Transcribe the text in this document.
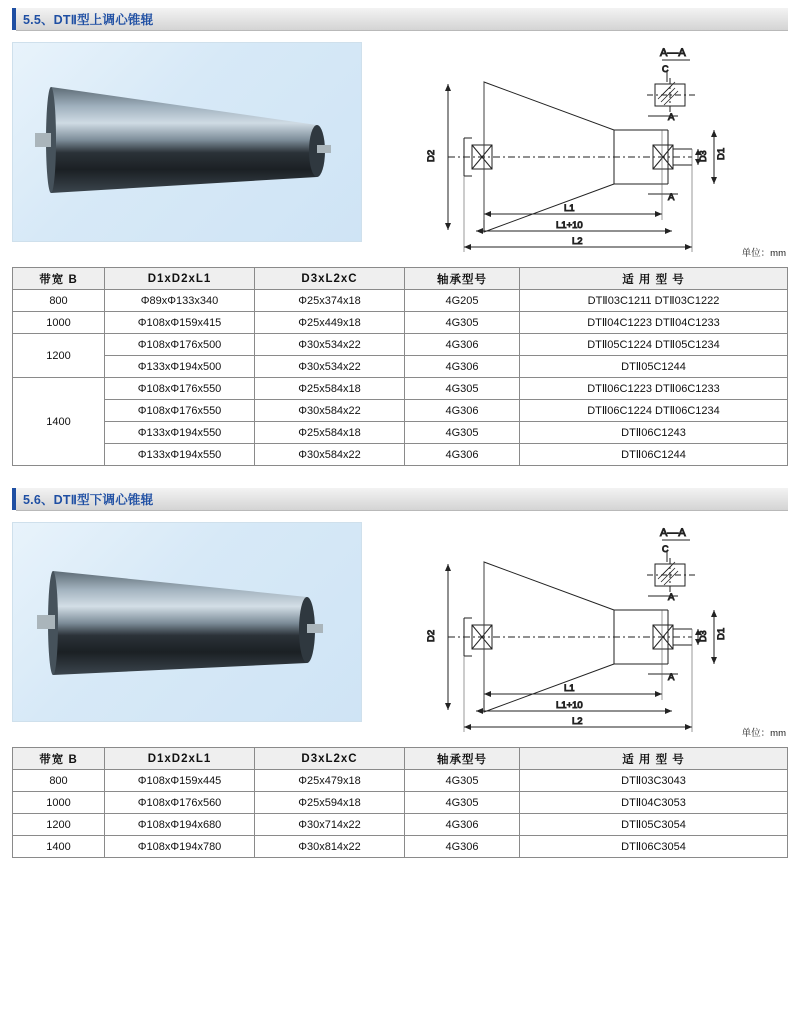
5.5、DTⅡ型上调心锥辊
A—A
C
D2	D1
D3
A
A
L1
L1+10
L2
单位：mm
带宽 B	D1xD2xL1	D3xL2xC	轴承型号	适 用 型 号
800	Φ89xΦ133x340	Φ25x374x18	4G205	DTⅡ03C1211 DTⅡ03C1222
1000	Φ108xΦ159x415	Φ25x449x18	4G305	DTⅡ04C1223 DTⅡ04C1233
1200	Φ108xΦ176x500	Φ30x534x22	4G306	DTⅡ05C1224 DTⅡ05C1234
	Φ133xΦ194x500	Φ30x534x22	4G306	DTⅡ05C1244
1400	Φ108xΦ176x550	Φ25x584x18	4G305	DTⅡ06C1223 DTⅡ06C1233
	Φ108xΦ176x550	Φ30x584x22	4G306	DTⅡ06C1224 DTⅡ06C1234
	Φ133xΦ194x550	Φ25x584x18	4G305	DTⅡ06C1243
	Φ133xΦ194x550	Φ30x584x22	4G306	DTⅡ06C1244
5.6、DTⅡ型下调心锥辊
A—A
C
D2	D1
D3
A
A
L1
L1+10
L2
单位：mm
带宽 B	D1xD2xL1	D3xL2xC	轴承型号	适 用 型 号
800	Φ108xΦ159x445	Φ25x479x18	4G305	DTⅡ03C3043
1000	Φ108xΦ176x560	Φ25x594x18	4G305	DTⅡ04C3053
1200	Φ108xΦ194x680	Φ30x714x22	4G306	DTⅡ05C3054
1400	Φ108xΦ194x780	Φ30x814x22	4G306	DTⅡ06C3054
